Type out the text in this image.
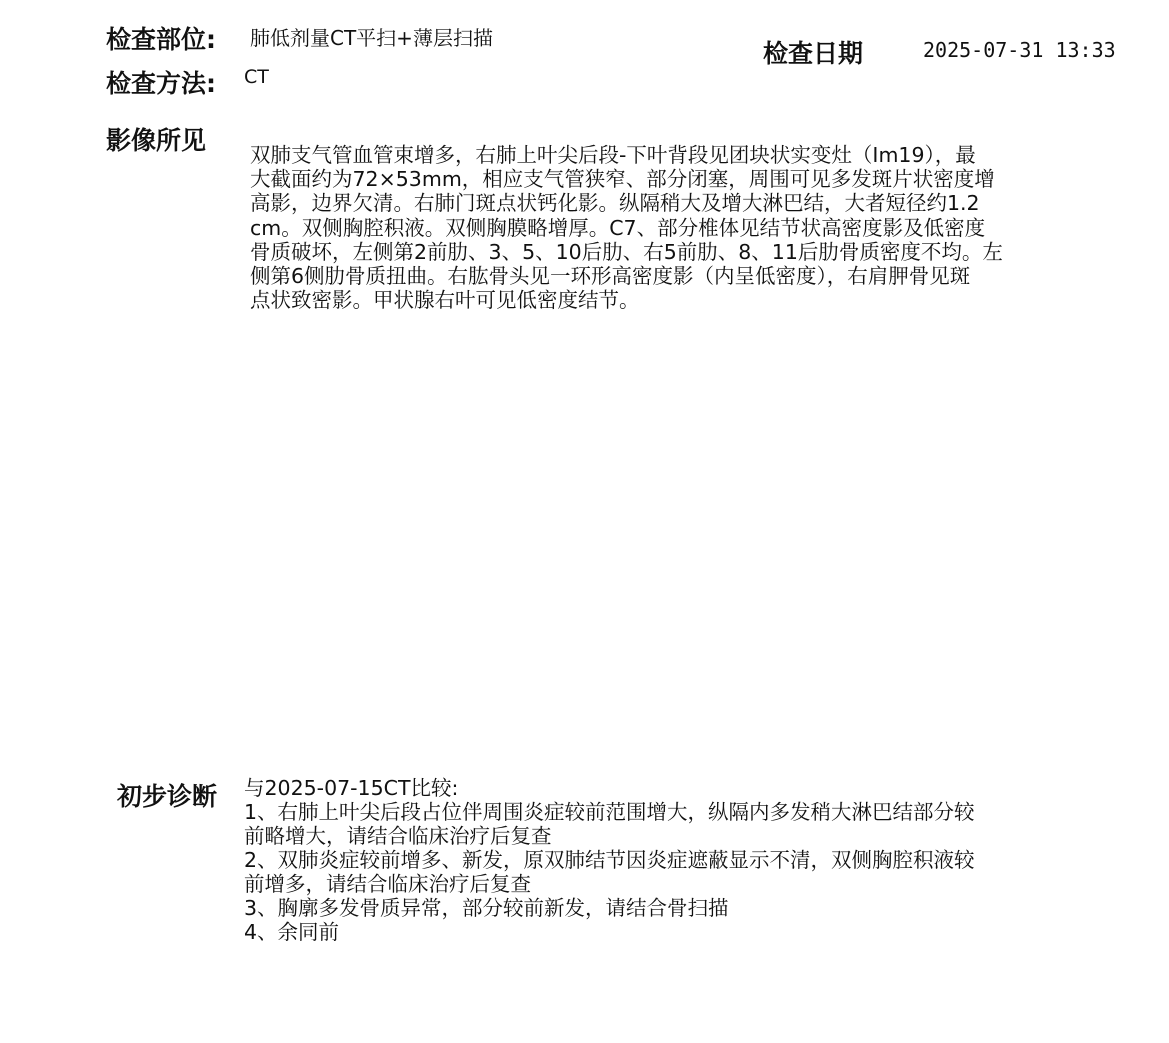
检查部位: 肺低剂量CT平扫+薄层扫描
检查方法: CT
检查日期	2025-07-31 13:33
影像所见 双肺支气管血管束增多，右肺上叶尖后段-下叶背段见团块状实变灶（Im19），最
大截面约为72×53mm，相应支气管狭窄、部分闭塞，周围可见多发斑片状密度增
高影，边界欠清。右肺门斑点状钙化影。纵隔稍大及增大淋巴结，大者短径约1.2
cm。双侧胸腔积液。双侧胸膜略增厚。C7、部分椎体见结节状高密度影及低密度
骨质破坏，左侧第2前肋、3、5、10后肋、右5前肋、8、11后肋骨质密度不均。左
侧第6侧肋骨质扭曲。右肱骨头见一环形高密度影（内呈低密度），右肩胛骨见斑
点状致密影。甲状腺右叶可见低密度结节。
初步诊断 与2025-07-15CT比较:
1、右肺上叶尖后段占位伴周围炎症较前范围增大，纵隔内多发稍大淋巴结部分较
前略增大，请结合临床治疗后复查
2、双肺炎症较前增多、新发，原双肺结节因炎症遮蔽显示不清，双侧胸腔积液较
前增多，请结合临床治疗后复查
3、胸廓多发骨质异常，部分较前新发，请结合骨扫描
4、余同前
